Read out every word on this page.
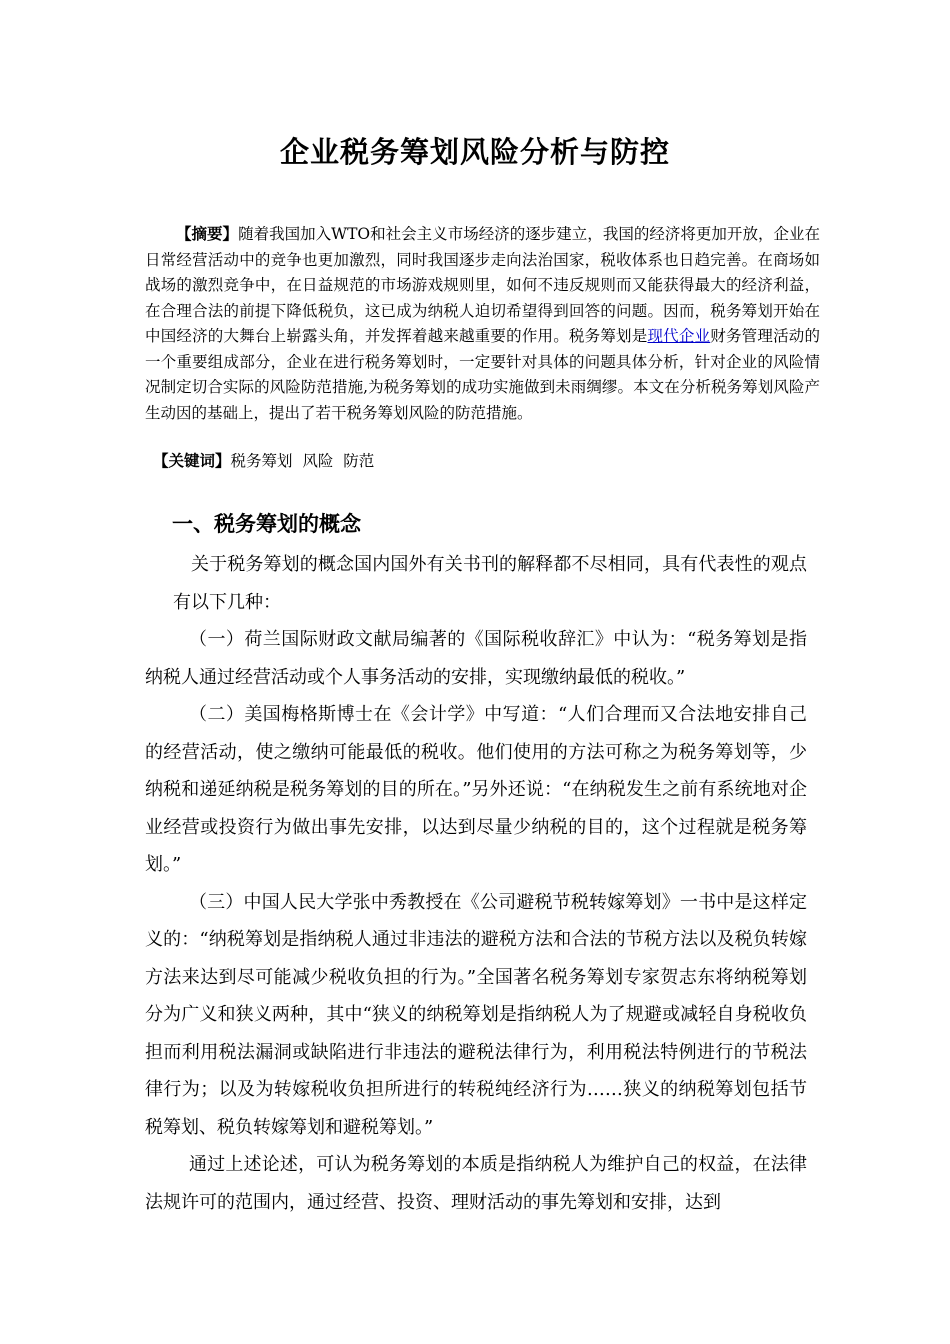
企业税务筹划风险分析与防控
【摘要】随着我国加入WTO和社会主义市场经济的逐步建立，我国的经济将更加开放，企业在日常经营活动中的竞争也更加激烈，同时我国逐步走向法治国家，税收体系也日趋完善。在商场如战场的激烈竞争中，在日益规范的市场游戏规则里，如何不违反规则而又能获得最大的经济利益，在合理合法的前提下降低税负，这已成为纳税人迫切希望得到回答的问题。因而，税务筹划开始在中国经济的大舞台上崭露头角，并发挥着越来越重要的作用。税务筹划是现代企业财务管理活动的一个重要组成部分，企业在进行税务筹划时，一定要针对具体的问题具体分析，针对企业的风险情况制定切合实际的风险防范措施,为税务筹划的成功实施做到未雨绸缪。本文在分析税务筹划风险产生动因的基础上，提出了若干税务筹划风险的防范措施。
【关键词】税务筹划  风险  防范
一、税务筹划的概念

关于税务筹划的概念国内国外有关书刊的解释都不尽相同，具有代表性的观点有以下几种：

（一）荷兰国际财政文献局编著的《国际税收辞汇》中认为：“税务筹划是指纳税人通过经营活动或个人事务活动的安排，实现缴纳最低的税收。”

（二）美国梅格斯博士在《会计学》中写道：“人们合理而又合法地安排自己的经营活动，使之缴纳可能最低的税收。他们使用的方法可称之为税务筹划等，少纳税和递延纳税是税务筹划的目的所在。”另外还说：“在纳税发生之前有系统地对企业经营或投资行为做出事先安排，以达到尽量少纳税的目的，这个过程就是税务筹划。”

（三）中国人民大学张中秀教授在《公司避税节税转嫁筹划》一书中是这样定义的：“纳税筹划是指纳税人通过非违法的避税方法和合法的节税方法以及税负转嫁方法来达到尽可能减少税收负担的行为。”全国著名税务筹划专家贺志东将纳税筹划分为广义和狭义两种，其中“狭义的纳税筹划是指纳税人为了规避或减轻自身税收负担而利用税法漏洞或缺陷进行非违法的避税法律行为，利用税法特例进行的节税法律行为；以及为转嫁税收负担所进行的转税纯经济行为……狭义的纳税筹划包括节税筹划、税负转嫁筹划和避税筹划。”

通过上述论述，可认为税务筹划的本质是指纳税人为维护自己的权益，在法律法规许可的范围内，通过经营、投资、理财活动的事先筹划和安排，达到
